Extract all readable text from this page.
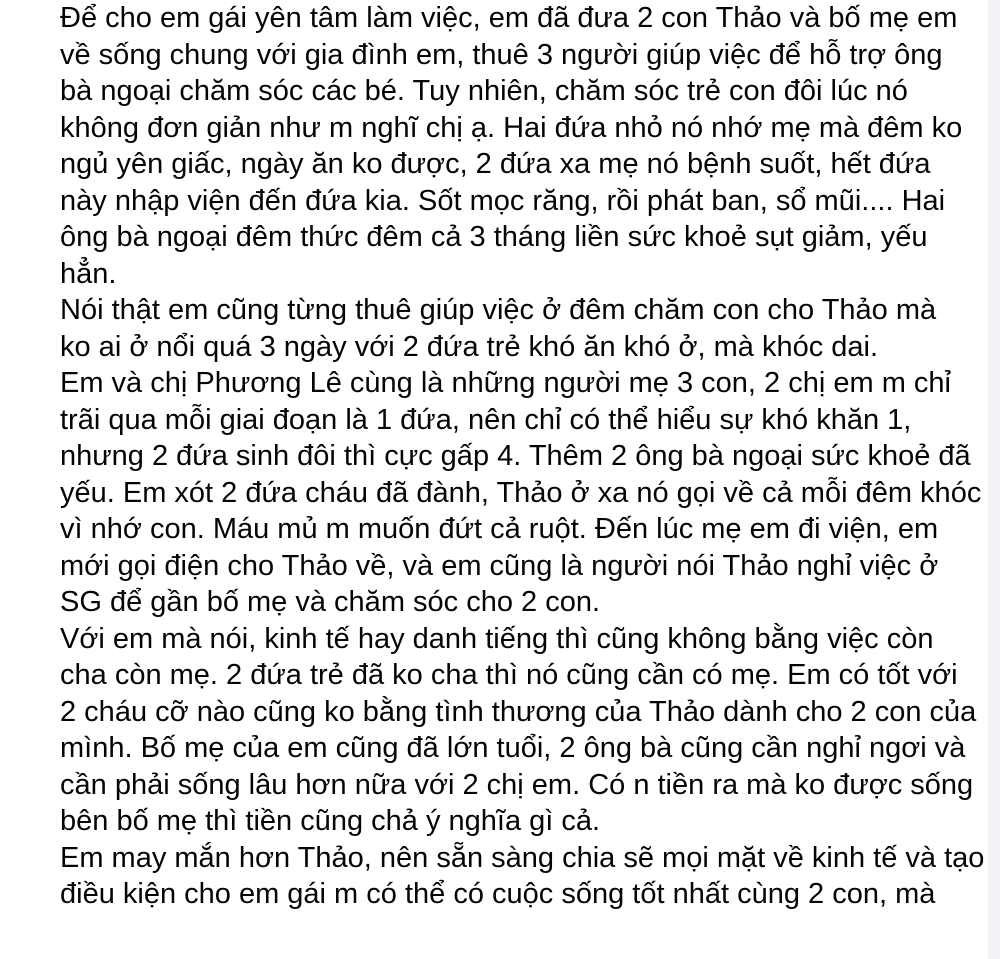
Để cho em gái yên tâm làm việc, em đã đưa 2 con Thảo và bố mẹ em
về sống chung với gia đình em, thuê 3 người giúp việc để hỗ trợ ông
bà ngoại chăm sóc các bé. Tuy nhiên, chăm sóc trẻ con đôi lúc nó
không đơn giản như m nghĩ chị ạ. Hai đứa nhỏ nó nhớ mẹ mà đêm ko
ngủ yên giấc, ngày ăn ko được, 2 đứa xa mẹ nó bệnh suốt, hết đứa
này nhập viện đến đứa kia. Sốt mọc răng, rồi phát ban, sổ mũi.... Hai
ông bà ngoại đêm thức đêm cả 3 tháng liền sức khoẻ sụt giảm, yếu
hẳn.
Nói thật em cũng từng thuê giúp việc ở đêm chăm con cho Thảo mà
ko ai ở nổi quá 3 ngày với 2 đứa trẻ khó ăn khó ở, mà khóc dai.
Em và chị Phương Lê cùng là những người mẹ 3 con, 2 chị em m chỉ
trãi qua mỗi giai đoạn là 1 đứa, nên chỉ có thể hiểu sự khó khăn 1,
nhưng 2 đứa sinh đôi thì cực gấp 4. Thêm 2 ông bà ngoại sức khoẻ đã
yếu. Em xót 2 đứa cháu đã đành, Thảo ở xa nó gọi về cả mỗi đêm khóc
vì nhớ con. Máu mủ m muốn đứt cả ruột. Đến lúc mẹ em đi viện, em
mới gọi điện cho Thảo về, và em cũng là người nói Thảo nghỉ việc ở
SG để gần bố mẹ và chăm sóc cho 2 con.
Với em mà nói, kinh tế hay danh tiếng thì cũng không bằng việc còn
cha còn mẹ. 2 đứa trẻ đã ko cha thì nó cũng cần có mẹ. Em có tốt với
2 cháu cỡ nào cũng ko bằng tình thương của Thảo dành cho 2 con của
mình. Bố mẹ của em cũng đã lớn tuổi, 2 ông bà cũng cần nghỉ ngơi và
cần phải sống lâu hơn nữa với 2 chị em. Có n tiền ra mà ko được sống
bên bố mẹ thì tiền cũng chả ý nghĩa gì cả.
Em may mắn hơn Thảo, nên sẵn sàng chia sẽ mọi mặt về kinh tế và tạo
điều kiện cho em gái m có thể có cuộc sống tốt nhất cùng 2 con, mà
